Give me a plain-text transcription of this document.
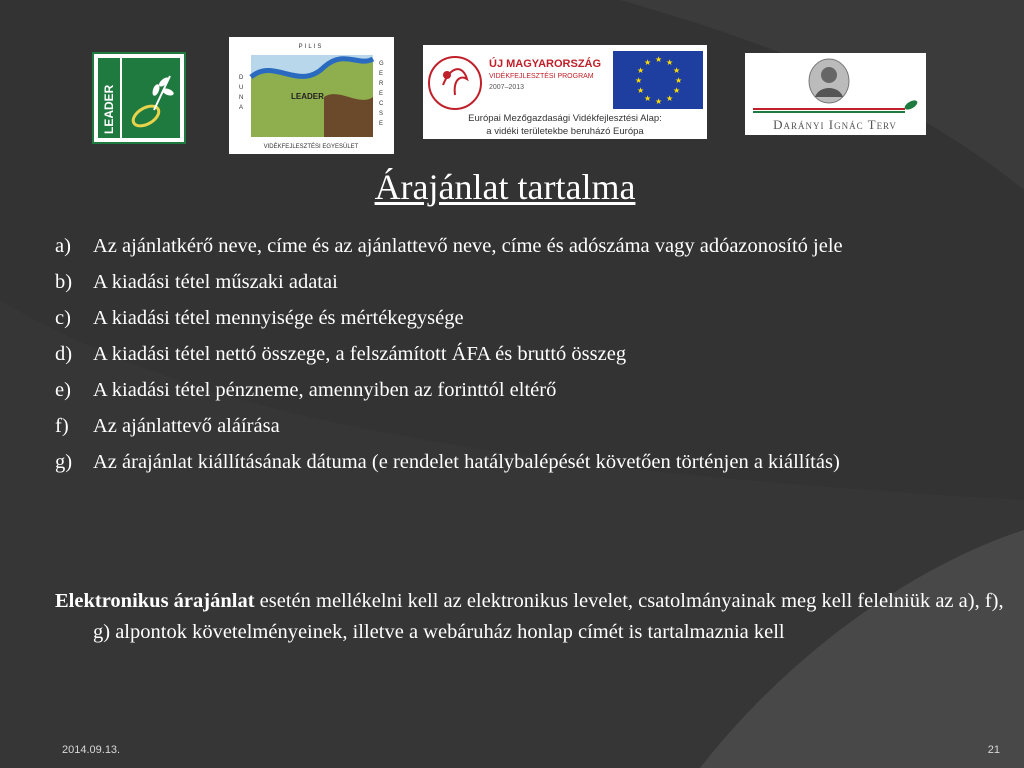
LEADER
PILIS
LEADER
D U N A
G E R E C S E
VIDÉKFEJLESZTÉSI EGYESÜLET
ÚJ MAGYARORSZÁG
VIDÉKFEJLESZTÉSI PROGRAM
2007–2013
★ ★
★
★
★
★
★
★
★
★
★
★
Európai Mezőgazdasági Vidékfejlesztési Alap:
a vidéki területekbe beruházó Európa	Darányi Ignác Terv
Árajánlat tartalma
a) Az ajánlatkérő neve, címe és az ajánlattevő neve, címe és adószáma vagy adóazonosító jele
b) A kiadási tétel műszaki adatai
c) A kiadási tétel mennyisége és mértékegysége
d) A kiadási tétel nettó összege, a felszámított ÁFA és bruttó összeg
e) A kiadási tétel pénzneme, amennyiben az forinttól eltérő
f) Az ajánlattevő aláírása
g) Az árajánlat kiállításának dátuma (e rendelet hatálybalépését követően történjen a kiállítás)

Elektronikus árajánlat esetén mellékelni kell az elektronikus levelet, csatolmányainak meg kell felelniük az a), f), g) alpontok követelményeinek, illetve a webáruház honlap címét is tartalmaznia kell

2014.09.13.	21
